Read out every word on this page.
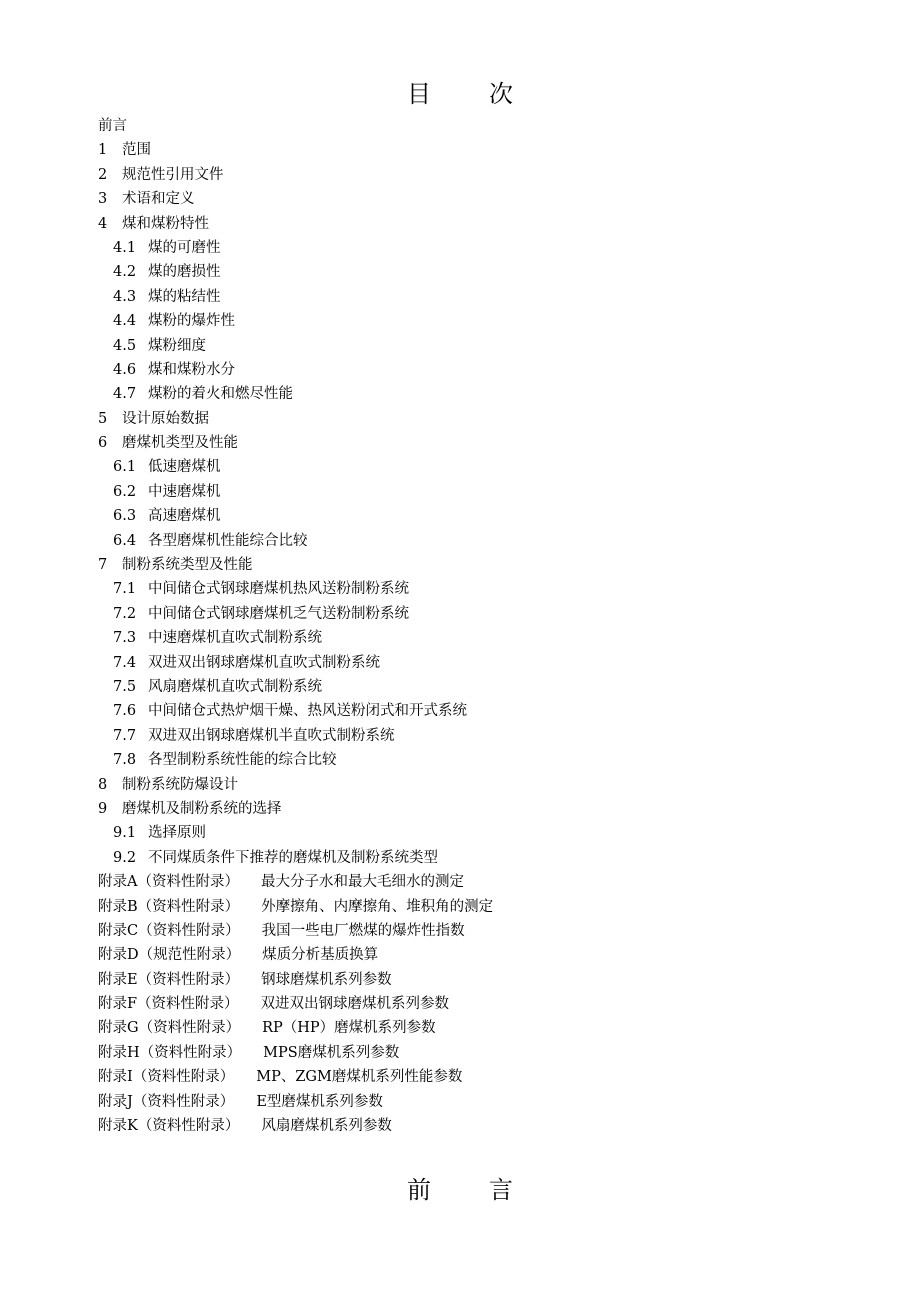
目 次
前言
1 范围
2 规范性引用文件
3 术语和定义
4 煤和煤粉特性
4.1 煤的可磨性
4.2 煤的磨损性
4.3 煤的粘结性
4.4 煤粉的爆炸性
4.5 煤粉细度
4.6 煤和煤粉水分
4.7 煤粉的着火和燃尽性能
5 设计原始数据
6 磨煤机类型及性能
6.1 低速磨煤机
6.2 中速磨煤机
6.3 高速磨煤机
6.4 各型磨煤机性能综合比较
7 制粉系统类型及性能
7.1 中间储仓式钢球磨煤机热风送粉制粉系统
7.2 中间储仓式钢球磨煤机乏气送粉制粉系统
7.3 中速磨煤机直吹式制粉系统
7.4 双进双出钢球磨煤机直吹式制粉系统
7.5 风扇磨煤机直吹式制粉系统
7.6 中间储仓式热炉烟干燥、热风送粉闭式和开式系统
7.7 双进双出钢球磨煤机半直吹式制粉系统
7.8 各型制粉系统性能的综合比较
8 制粉系统防爆设计
9 磨煤机及制粉系统的选择
9.1 选择原则
9.2 不同煤质条件下推荐的磨煤机及制粉系统类型
附录A（资料性附录） 最大分子水和最大毛细水的测定
附录B（资料性附录） 外摩擦角、内摩擦角、堆积角的测定
附录C（资料性附录） 我国一些电厂燃煤的爆炸性指数
附录D（规范性附录） 煤质分析基质换算
附录E（资料性附录） 钢球磨煤机系列参数
附录F（资料性附录） 双进双出钢球磨煤机系列参数
附录G（资料性附录） RP（HP）磨煤机系列参数
附录H（资料性附录） MPS磨煤机系列参数
附录I（资料性附录） MP、ZGM磨煤机系列性能参数
附录J（资料性附录） E型磨煤机系列参数
附录K（资料性附录） 风扇磨煤机系列参数
前 言
